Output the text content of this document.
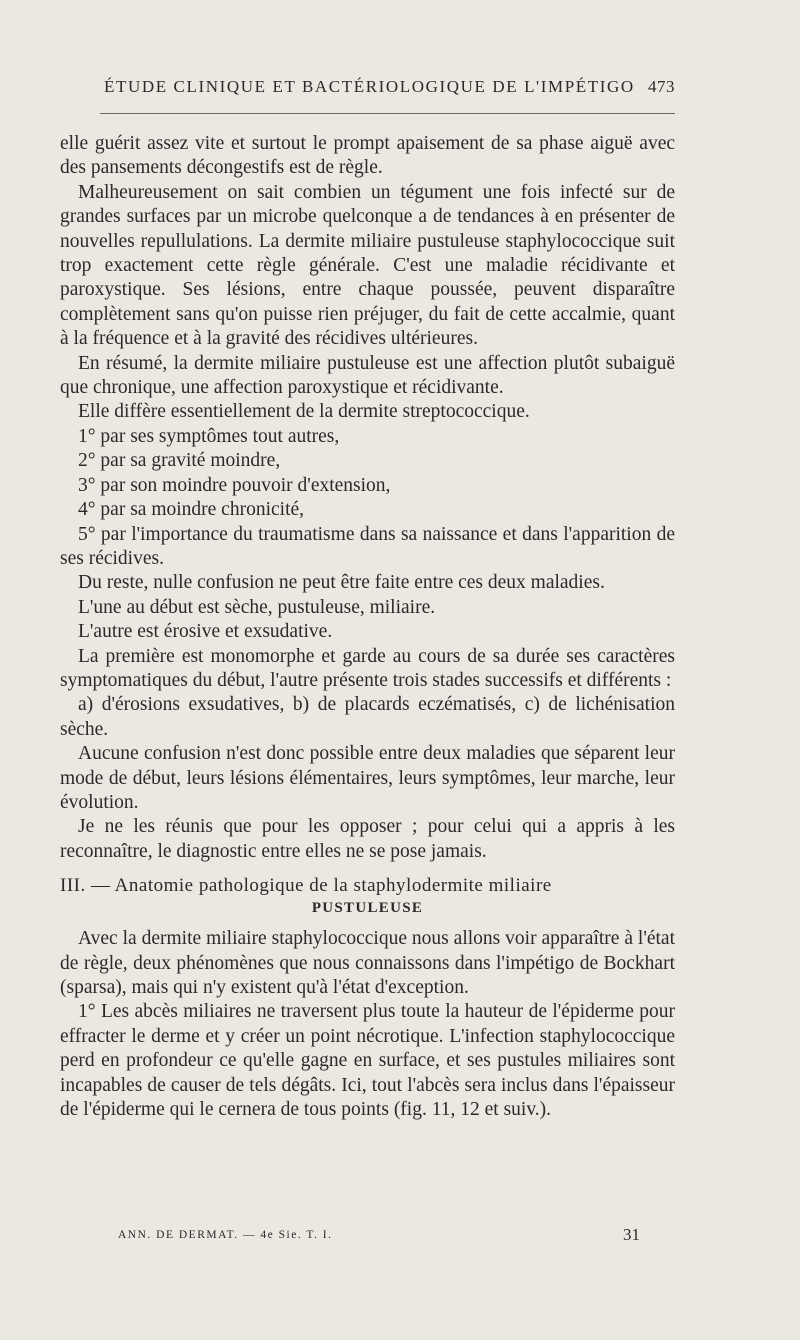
ÉTUDE CLINIQUE ET BACTÉRIOLOGIQUE DE L'IMPÉTIGO 473

elle guérit assez vite et surtout le prompt apaisement de sa phase aiguë avec des pansements décongestifs est de règle.

Malheureusement on sait combien un tégument une fois infecté sur de grandes surfaces par un microbe quelconque a de tendances à en présenter de nouvelles repullulations. La dermite miliaire pustuleuse staphylococcique suit trop exactement cette règle générale. C'est une maladie récidivante et paroxystique. Ses lésions, entre chaque poussée, peuvent disparaître complètement sans qu'on puisse rien préjuger, du fait de cette accalmie, quant à la fréquence et à la gravité des récidives ultérieures.

En résumé, la dermite miliaire pustuleuse est une affection plutôt subaiguë que chronique, une affection paroxystique et récidivante.

Elle diffère essentiellement de la dermite streptococcique.

1° par ses symptômes tout autres,

2° par sa gravité moindre,

3° par son moindre pouvoir d'extension,

4° par sa moindre chronicité,

5° par l'importance du traumatisme dans sa naissance et dans l'apparition de ses récidives.

Du reste, nulle confusion ne peut être faite entre ces deux maladies.

L'une au début est sèche, pustuleuse, miliaire.

L'autre est érosive et exsudative.

La première est monomorphe et garde au cours de sa durée ses caractères symptomatiques du début, l'autre présente trois stades successifs et différents :

a) d'érosions exsudatives, b) de placards eczématisés, c) de lichénisation sèche.

Aucune confusion n'est donc possible entre deux maladies que séparent leur mode de début, leurs lésions élémentaires, leurs symptômes, leur marche, leur évolution.

Je ne les réunis que pour les opposer ; pour celui qui a appris à les reconnaître, le diagnostic entre elles ne se pose jamais.

III. — Anatomie pathologique de la staphylodermite miliaire
PUSTULEUSE

Avec la dermite miliaire staphylococcique nous allons voir apparaître à l'état de règle, deux phénomènes que nous connaissons dans l'impétigo de Bockhart (sparsa), mais qui n'y existent qu'à l'état d'exception.

1° Les abcès miliaires ne traversent plus toute la hauteur de l'épiderme pour effracter le derme et y créer un point nécrotique. L'infection staphylococcique perd en profondeur ce qu'elle gagne en surface, et ses pustules miliaires sont incapables de causer de tels dégâts. Ici, tout l'abcès sera inclus dans l'épaisseur de l'épiderme qui le cernera de tous points (fig. 11, 12 et suiv.).

ANN. DE DERMAT. — 4e Sie. T. I.	31
